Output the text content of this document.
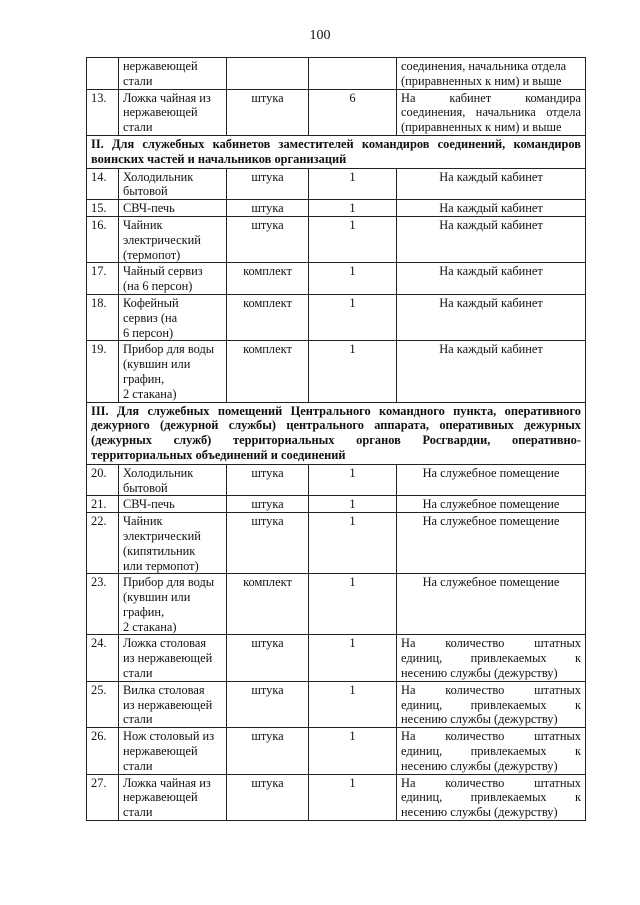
100

	нержавеющей
стали			соединения, начальника отдела
(приравненных к ним) и выше

13.	Ложка чайная из
нержавеющей
стали	штука	6	На кабинет командира
соединения, начальника отдела
(приравненных к ним) и выше

II. Для служебных кабинетов заместителей командиров соединений, командиров воинских частей и начальников организаций				
14.	Холодильник
бытовой	штука	1	На каждый кабинет
15.	СВЧ-печь	штука	1	На каждый кабинет
16.	Чайник
электрический
(термопот)	штука	1	На каждый кабинет
17.	Чайный сервиз
(на 6 персон)	комплект	1	На каждый кабинет
18.	Кофейный
сервиз (на
6 персон)	комплект	1	На каждый кабинет
19.	Прибор для воды
(кувшин или
графин,
2 стакана)	комплект	1	На каждый кабинет
III. Для служебных помещений Центрального командного пункта, оперативного дежурного (дежурной службы) центрального аппарата, оперативных дежурных (дежурных служб) территориальных органов Росгвардии, оперативно-территориальных объединений и соединений				
20.	Холодильник
бытовой	штука	1	На служебное помещение
21.	СВЧ-печь	штука	1	На служебное помещение
22.	Чайник
электрический
(кипятильник
или термопот)	штука	1	На служебное помещение
23.	Прибор для воды
(кувшин или
графин,
2 стакана)	комплект	1	На служебное помещение
24.	Ложка столовая
из нержавеющей
стали	штука	1	На количество штатных
единиц, привлекаемых к
несению службы (дежурству)

25.	Вилка столовая
из нержавеющей
стали	штука	1	На количество штатных
единиц, привлекаемых к
несению службы (дежурству)

26.	Нож столовый из
нержавеющей
стали	штука	1	На количество штатных
единиц, привлекаемых к
несению службы (дежурству)

27.	Ложка чайная из
нержавеющей
стали	штука	1	На количество штатных
единиц, привлекаемых к
несению службы (дежурству)
